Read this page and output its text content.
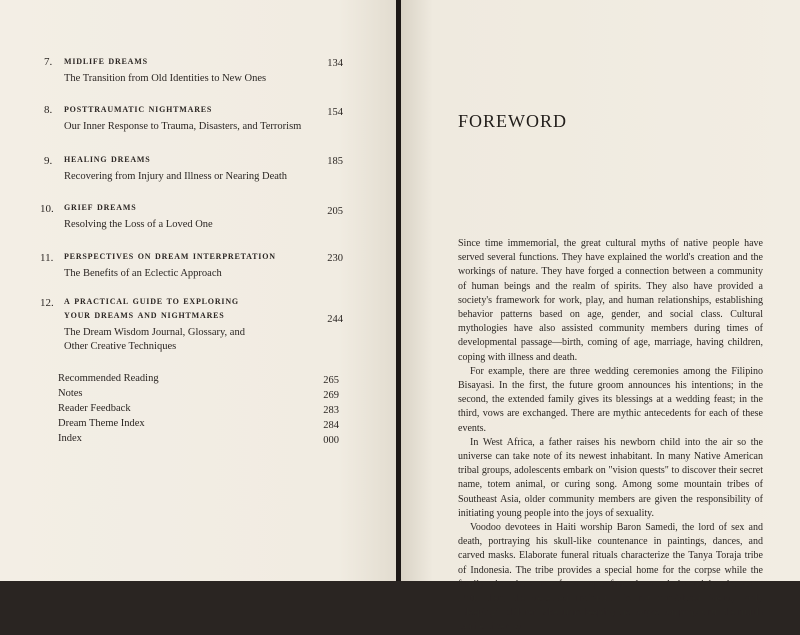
7. midlife dreams
The Transition from Old Identities to New Ones
134
8. posttraumatic nightmares
Our Inner Response to Trauma, Disasters, and Terrorism
154
9. healing dreams
Recovering from Injury and Illness or Nearing Death
185
10. grief dreams
Resolving the Loss of a Loved One
205
11. perspectives on dream interpretation
The Benefits of an Eclectic Approach
230
12. a practical guide to exploring
your dreams and nightmares
The Dream Wisdom Journal, Glossary, and
Other Creative Techniques
244
Recommended Reading	265
Notes	269
Reader Feedback	283
Dream Theme Index	284
Index	000
foreword

Since time immemorial, the great cultural myths of native people have served several functions. They have explained the world's creation and the workings of nature. They have forged a connection between a community of human beings and the realm of spirits. They also have provided a society's framework for work, play, and human relationships, establishing behavior patterns based on age, gender, and social class. Cultural mythologies have also assisted community members during times of developmental passage—birth, coming of age, marriage, having children, coping with illness and death.

For example, there are three wedding ceremonies among the Filipino Bisayasi. In the first, the future groom announces his intentions; in the second, the extended family gives its blessings at a wedding feast; in the third, vows are exchanged. There are mythic antecedents for each of these events.

In West Africa, a father raises his newborn child into the air so the universe can take note of its newest inhabitant. In many Native American tribal groups, adolescents embark on "vision quests" to discover their secret name, totem animal, or curing song. Among some mountain tribes of Southeast Asia, older community members are given the responsibility of initiating young people into the joys of sexuality.

Voodoo devotees in Haiti worship Baron Samedi, the lord of sex and death, portraying his skull-like countenance in paintings, dances, and carved masks. Elaborate funeral rituals characterize the Tanya Toraja tribe of Indonesia. The tribe provides a special home for the corpse while the family raises the money for a proper funeral—a task that might take years. Until then, the deceased individual is not considered "dead," only "sleeping"; children take turns keeping the corpse company until the rituals can be observed.
